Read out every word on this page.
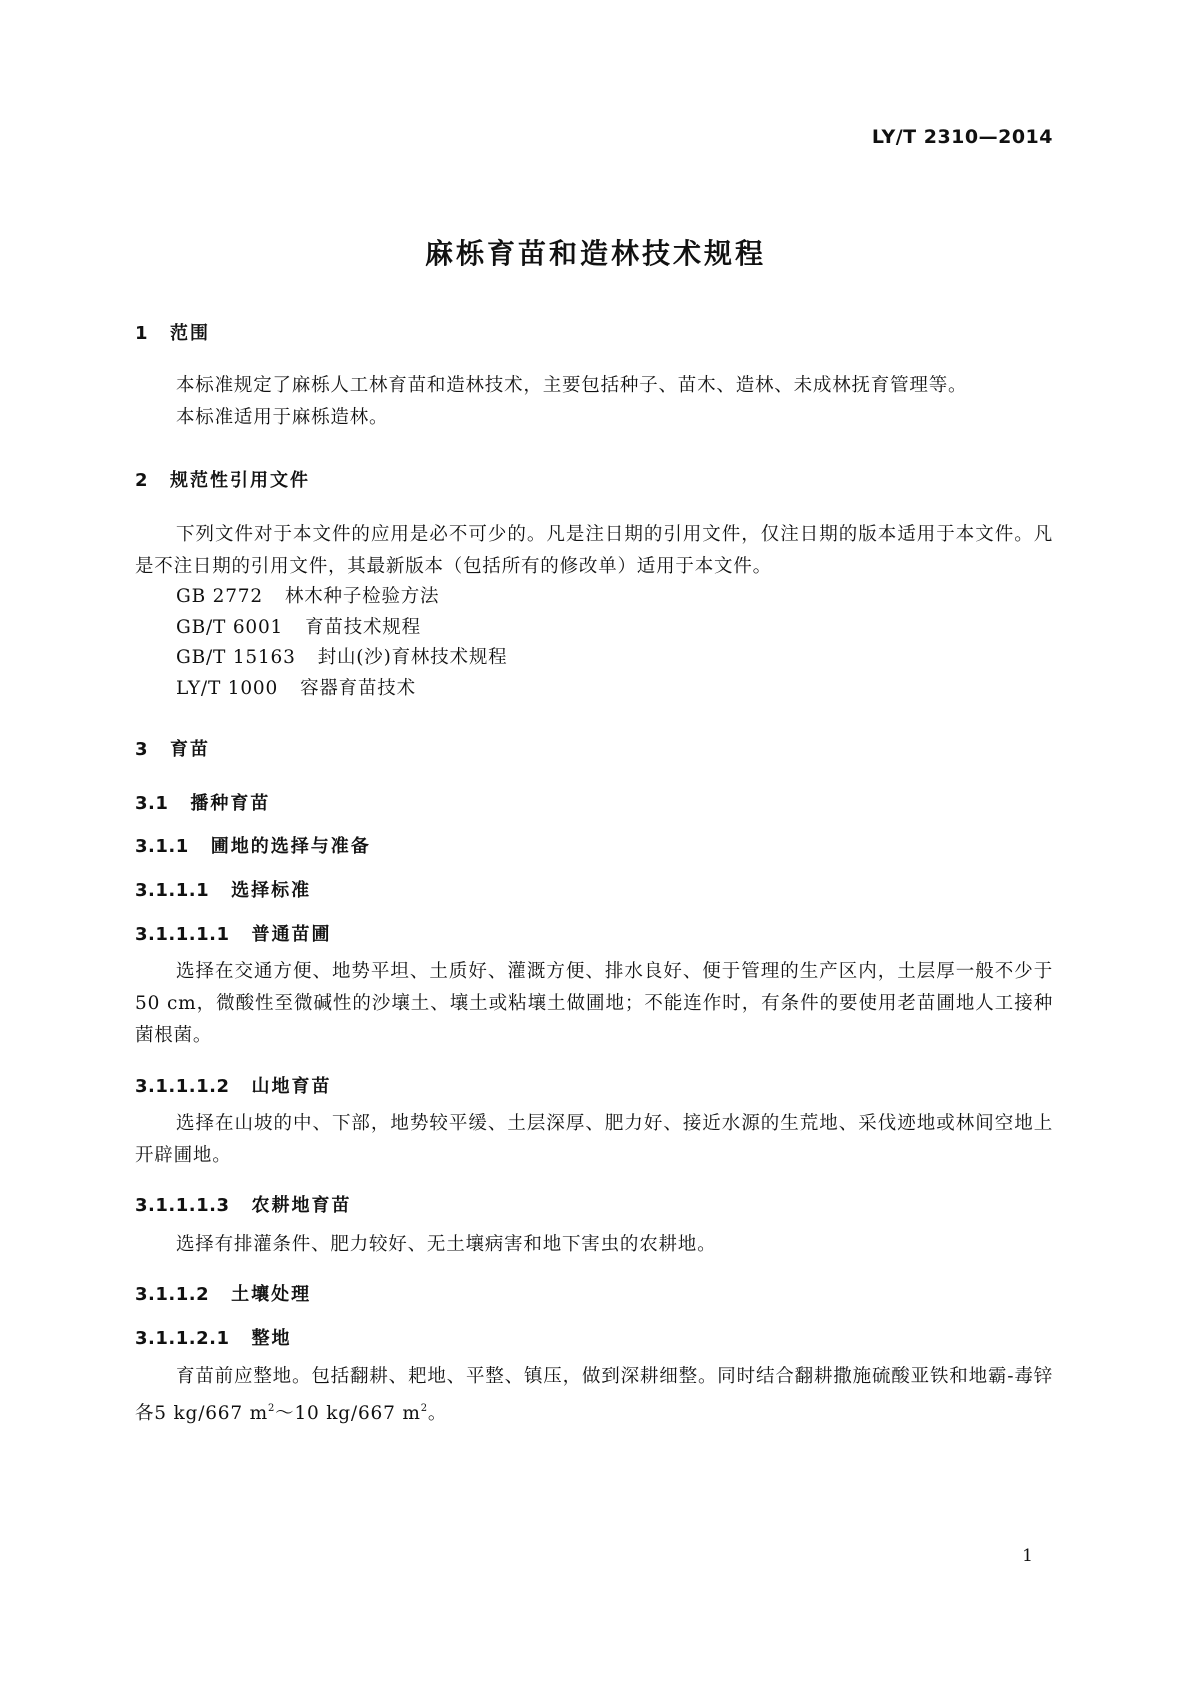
LY/T 2310—2014
麻栎育苗和造林技术规程
1 范围
本标准规定了麻栎人工林育苗和造林技术，主要包括种子、苗木、造林、未成林抚育管理等。
本标准适用于麻栎造林。
2 规范性引用文件
下列文件对于本文件的应用是必不可少的。凡是注日期的引用文件，仅注日期的版本适用于本文件。凡是不注日期的引用文件，其最新版本（包括所有的修改单）适用于本文件。
GB 2772 林木种子检验方法
GB/T 6001 育苗技术规程
GB/T 15163 封山(沙)育林技术规程
LY/T 1000 容器育苗技术
3 育苗
3.1 播种育苗
3.1.1 圃地的选择与准备
3.1.1.1 选择标准
3.1.1.1.1 普通苗圃
选择在交通方便、地势平坦、土质好、灌溉方便、排水良好、便于管理的生产区内，土层厚一般不少于50 cm，微酸性至微碱性的沙壤土、壤土或粘壤土做圃地；不能连作时，有条件的要使用老苗圃地人工接种菌根菌。
3.1.1.1.2 山地育苗
选择在山坡的中、下部，地势较平缓、土层深厚、肥力好、接近水源的生荒地、采伐迹地或林间空地上开辟圃地。
3.1.1.1.3 农耕地育苗
选择有排灌条件、肥力较好、无土壤病害和地下害虫的农耕地。
3.1.1.2 土壤处理
3.1.1.2.1 整地
育苗前应整地。包括翻耕、耙地、平整、镇压，做到深耕细整。同时结合翻耕撒施硫酸亚铁和地霸-毒锌各5 kg/667 $m^2\sim 10$ kg/667 $m^2$。
1
